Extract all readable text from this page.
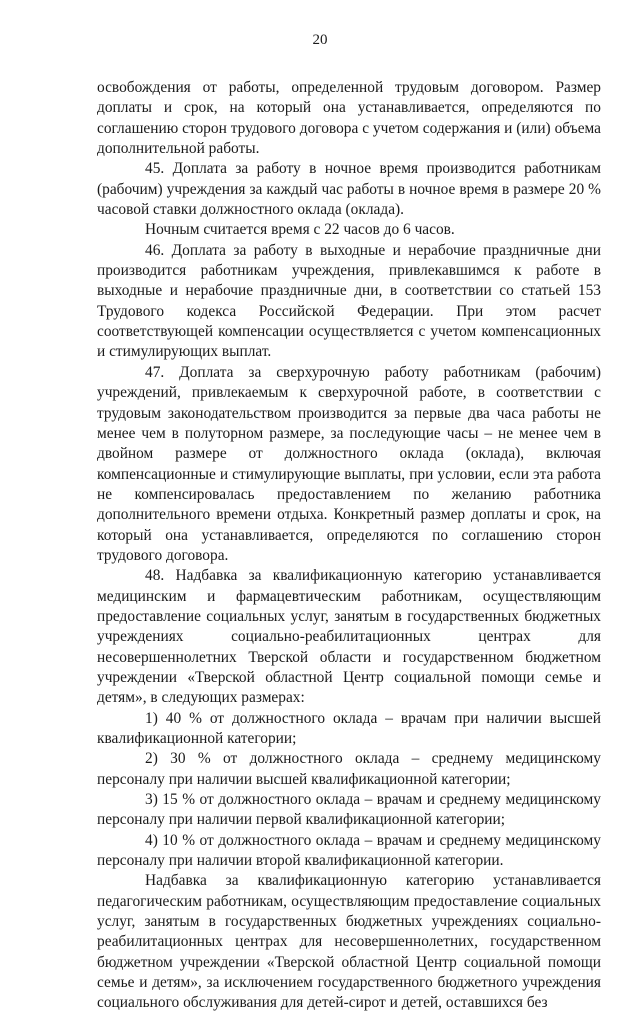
20

освобождения от работы, определенной трудовым договором. Размер доплаты и срок, на который она устанавливается, определяются по соглашению сторон трудового договора с учетом содержания и (или) объема дополнительной работы.

45. Доплата за работу в ночное время производится работникам (рабочим) учреждения за каждый час работы в ночное время в размере 20 % часовой ставки должностного оклада (оклада).

Ночным считается время с 22 часов до 6 часов.

46. Доплата за работу в выходные и нерабочие праздничные дни производится работникам учреждения, привлекавшимся к работе в выходные и нерабочие праздничные дни, в соответствии со статьей 153 Трудового кодекса Российской Федерации. При этом расчет соответствующей компенсации осуществляется с учетом компенсационных и стимулирующих выплат.

47. Доплата за сверхурочную работу работникам (рабочим) учреждений, привлекаемым к сверхурочной работе, в соответствии с трудовым законодательством производится за первые два часа работы не менее чем в полуторном размере, за последующие часы – не менее чем в двойном размере от должностного оклада (оклада), включая компенсационные и стимулирующие выплаты, при условии, если эта работа не компенсировалась предоставлением по желанию работника дополнительного времени отдыха. Конкретный размер доплаты и срок, на который она устанавливается, определяются по соглашению сторон трудового договора.

48. Надбавка за квалификационную категорию устанавливается медицинским и фармацевтическим работникам, осуществляющим предоставление социальных услуг, занятым в государственных бюджетных учреждениях социально-реабилитационных центрах для несовершеннолетних Тверской области и государственном бюджетном учреждении «Тверской областной Центр социальной помощи семье и детям», в следующих размерах:

1) 40 % от должностного оклада – врачам при наличии высшей квалификационной категории;

2) 30 % от должностного оклада – среднему медицинскому персоналу при наличии высшей квалификационной категории;

3) 15 % от должностного оклада – врачам и среднему медицинскому персоналу при наличии первой квалификационной категории;

4) 10 % от должностного оклада – врачам и среднему медицинскому персоналу при наличии второй квалификационной категории.

Надбавка за квалификационную категорию устанавливается педагогическим работникам, осуществляющим предоставление социальных услуг, занятым в государственных бюджетных учреждениях социально-реабилитационных центрах для несовершеннолетних, государственном бюджетном учреждении «Тверской областной Центр социальной помощи семье и детям», за исключением государственного бюджетного учреждения социального обслуживания для детей-сирот и детей, оставшихся без
